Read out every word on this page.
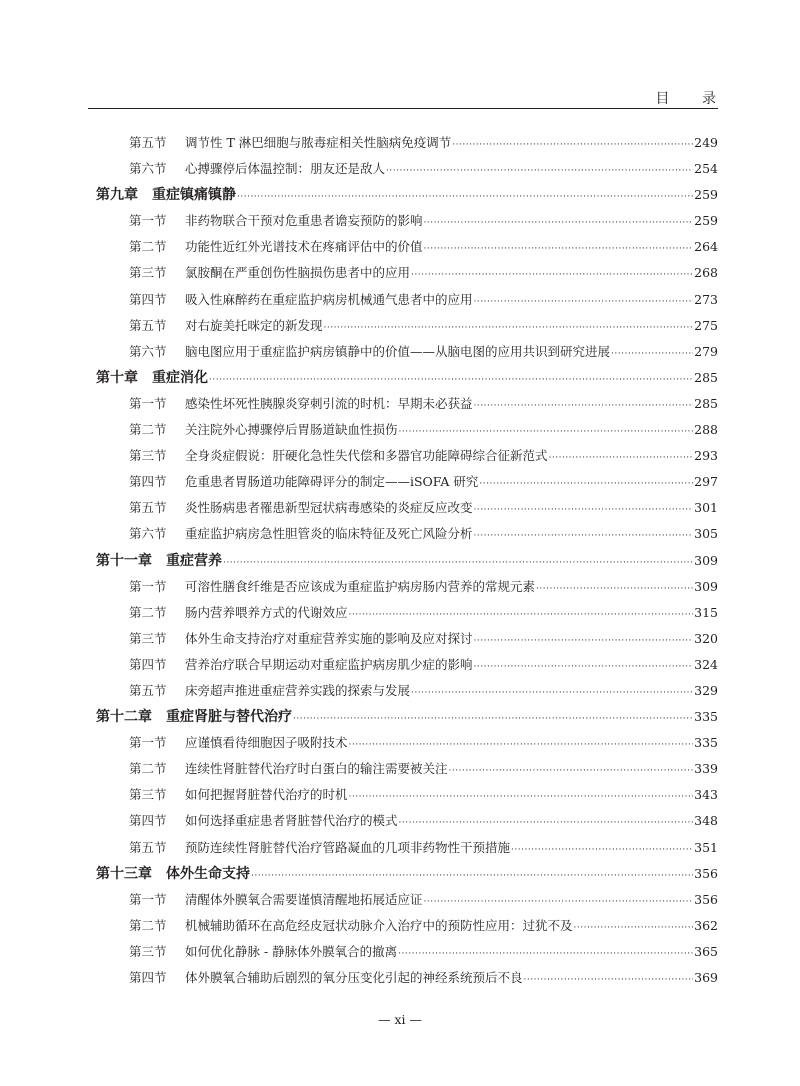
目 录
第五节	调节性 T 淋巴细胞与脓毒症相关性脑病免疫调节 ·····	249
第六节	心搏骤停后体温控制：朋友还是敌人 ·····	254
第九章 重症镇痛镇静 ·····	259
第一节	非药物联合干预对危重患者谵妄预防的影响 ·····	259
第二节	功能性近红外光谱技术在疼痛评估中的价值 ·····	264
第三节	氯胺酮在严重创伤性脑损伤患者中的应用 ·····	268
第四节	吸入性麻醉药在重症监护病房机械通气患者中的应用 ·····	273
第五节	对右旋美托咪定的新发现 ·····	275
第六节	脑电图应用于重症监护病房镇静中的价值——从脑电图的应用共识到研究进展 ·····	279
第十章 重症消化 ·····	285
第一节	感染性坏死性胰腺炎穿刺引流的时机：早期未必获益 ·····	285
第二节	关注院外心搏骤停后胃肠道缺血性损伤 ·····	288
第三节	全身炎症假说：肝硬化急性失代偿和多器官功能障碍综合征新范式 ·····	293
第四节	危重患者胃肠道功能障碍评分的制定——iSOFA 研究 ·····	297
第五节	炎性肠病患者罹患新型冠状病毒感染的炎症反应改变 ·····	301
第六节	重症监护病房急性胆管炎的临床特征及死亡风险分析 ·····	305
第十一章 重症营养 ·····	309
第一节	可溶性膳食纤维是否应该成为重症监护病房肠内营养的常规元素 ·····	309
第二节	肠内营养喂养方式的代谢效应 ·····	315
第三节	体外生命支持治疗对重症营养实施的影响及应对探讨 ·····	320
第四节	营养治疗联合早期运动对重症监护病房肌少症的影响 ·····	324
第五节	床旁超声推进重症营养实践的探索与发展 ·····	329
第十二章 重症肾脏与替代治疗 ·····	335
第一节	应谨慎看待细胞因子吸附技术 ·····	335
第二节	连续性肾脏替代治疗时白蛋白的输注需要被关注 ·····	339
第三节	如何把握肾脏替代治疗的时机 ·····	343
第四节	如何选择重症患者肾脏替代治疗的模式 ·····	348
第五节	预防连续性肾脏替代治疗管路凝血的几项非药物性干预措施 ·····	351
第十三章 体外生命支持 ·····	356
第一节	清醒体外膜氧合需要谨慎清醒地拓展适应证 ·····	356
第二节	机械辅助循环在高危经皮冠状动脉介入治疗中的预防性应用：过犹不及 ·····	362
第三节	如何优化静脉 - 静脉体外膜氧合的撤离 ·····	365
第四节	体外膜氧合辅助后剧烈的氧分压变化引起的神经系统预后不良 ·····	369
— xi —
